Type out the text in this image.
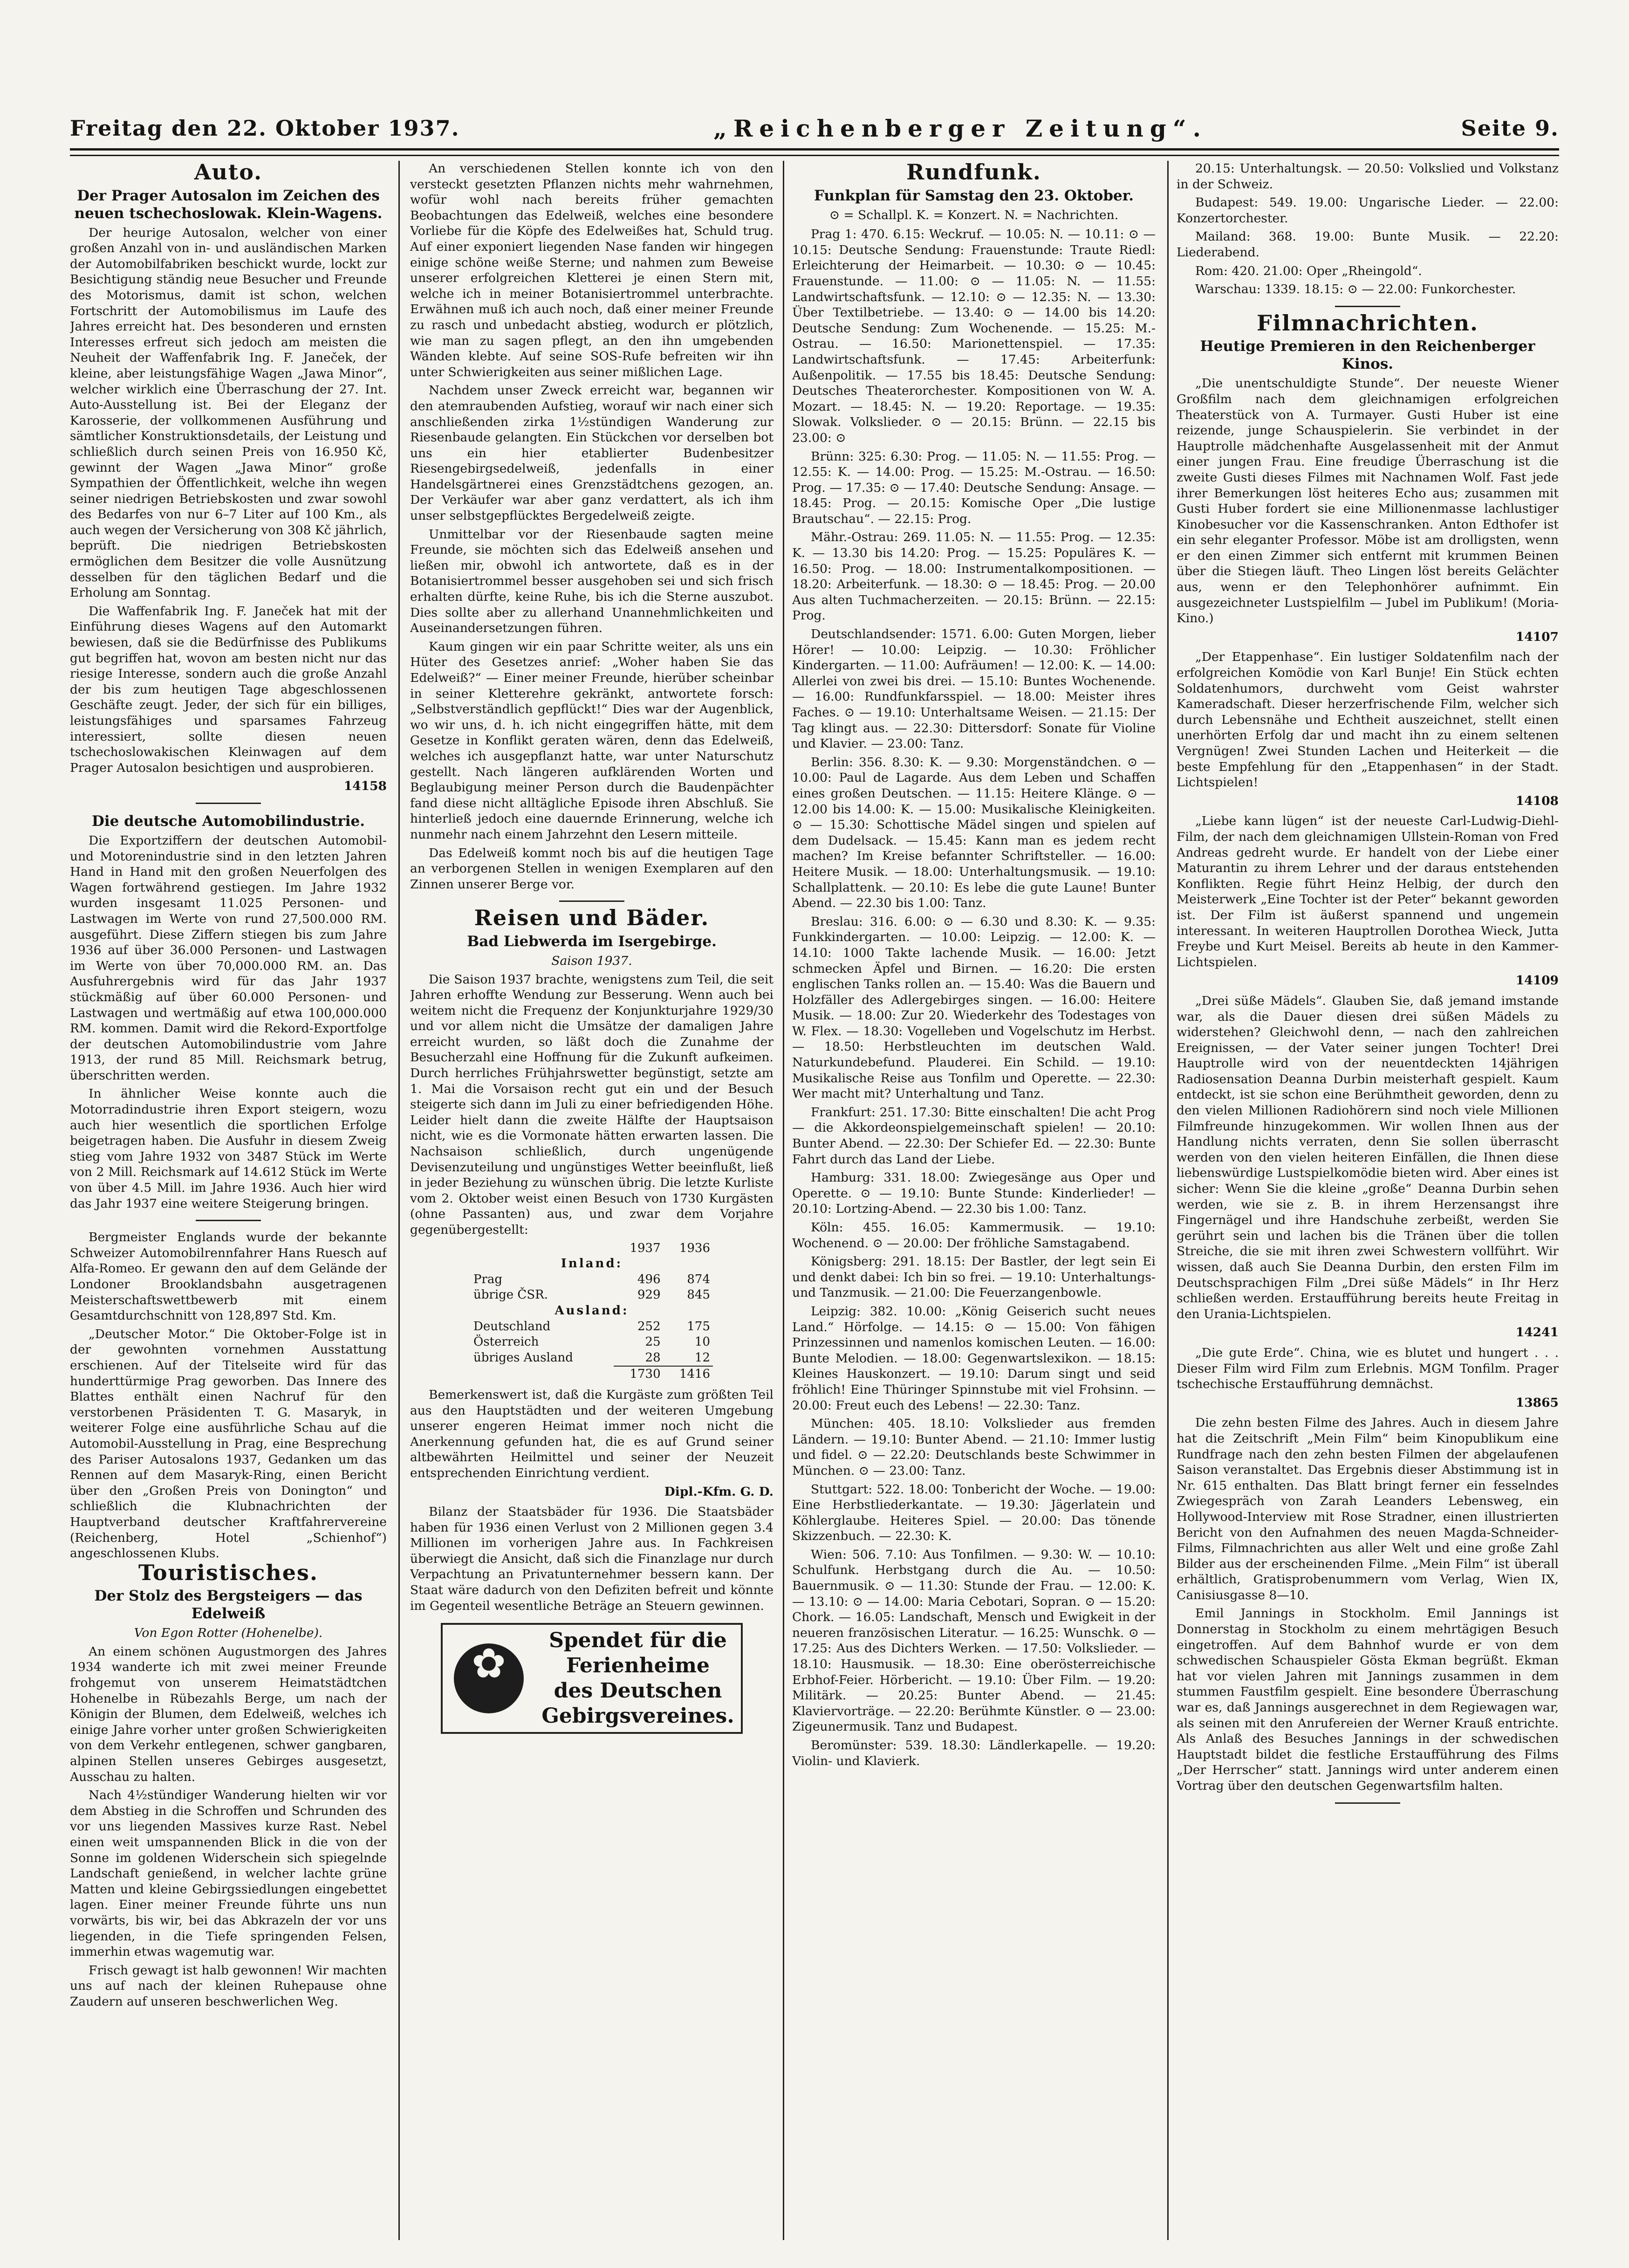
Freitag den 22. Oktober 1937.	„Reichenberger Zeitung“.	Seite 9.
Auto.
Der Prager Autosalon im Zeichen des neuen tschechoslowak. Klein-Wagens.

Der heurige Autosalon, welcher von einer großen Anzahl von in- und ausländischen Marken der Automobilfabriken beschickt wurde, lockt zur Besichtigung ständig neue Besucher und Freunde des Motorismus, damit ist schon, welchen Fortschritt der Automobilismus im Laufe des Jahres erreicht hat. Des besonderen und ernsten Interesses erfreut sich jedoch am meisten die Neuheit der Waffenfabrik Ing. F. Janeček, der kleine, aber leistungsfähige Wagen „Jawa Minor“, welcher wirklich eine Überraschung der 27. Int. Auto-Ausstellung ist. Bei der Eleganz der Karosserie, der vollkommenen Ausführung und sämtlicher Konstruktionsdetails, der Leistung und schließlich durch seinen Preis von 16.950 Kč, gewinnt der Wagen „Jawa Minor“ große Sympathien der Öffentlichkeit, welche ihn wegen seiner niedrigen Betriebskosten und zwar sowohl des Bedarfes von nur 6–7 Liter auf 100 Km., als auch wegen der Versicherung von 308 Kč jährlich, beprüft. Die niedrigen Betriebskosten ermöglichen dem Besitzer die volle Ausnützung desselben für den täglichen Bedarf und die Erholung am Sonntag.

Die Waffenfabrik Ing. F. Janeček hat mit der Einführung dieses Wagens auf den Automarkt bewiesen, daß sie die Bedürfnisse des Publikums gut begriffen hat, wovon am besten nicht nur das riesige Interesse, sondern auch die große Anzahl der bis zum heutigen Tage abgeschlossenen Geschäfte zeugt. Jeder, der sich für ein billiges, leistungsfähiges und sparsames Fahrzeug interessiert, sollte diesen neuen tschechoslowakischen Kleinwagen auf dem Prager Autosalon besichtigen und ausprobieren.

14158
Die deutsche Automobilindustrie.

Die Exportziffern der deutschen Automobil- und Motorenindustrie sind in den letzten Jahren Hand in Hand mit den großen Neuerfolgen des Wagen fortwährend gestiegen. Im Jahre 1932 wurden insgesamt 11.025 Personen- und Lastwagen im Werte von rund 27,500.000 RM. ausgeführt. Diese Ziffern stiegen bis zum Jahre 1936 auf über 36.000 Personen- und Lastwagen im Werte von über 70,000.000 RM. an. Das Ausfuhrergebnis wird für das Jahr 1937 stückmäßig auf über 60.000 Personen- und Lastwagen und wertmäßig auf etwa 100,000.000 RM. kommen. Damit wird die Rekord-Exportfolge der deutschen Automobilindustrie vom Jahre 1913, der rund 85 Mill. Reichsmark betrug, überschritten werden.

In ähnlicher Weise konnte auch die Motorradindustrie ihren Export steigern, wozu auch hier wesentlich die sportlichen Erfolge beigetragen haben. Die Ausfuhr in diesem Zweig stieg vom Jahre 1932 von 3487 Stück im Werte von 2 Mill. Reichsmark auf 14.612 Stück im Werte von über 4.5 Mill. im Jahre 1936. Auch hier wird das Jahr 1937 eine weitere Steigerung bringen.

Bergmeister Englands wurde der bekannte Schweizer Automobilrennfahrer Hans Ruesch auf Alfa-Romeo. Er gewann den auf dem Gelände der Londoner Brooklandsbahn ausgetragenen Meisterschaftswettbewerb mit einem Gesamtdurchschnitt von 128,897 Std. Km.

„Deutscher Motor.“ Die Oktober-Folge ist in der gewohnten vornehmen Ausstattung erschienen. Auf der Titelseite wird für das hunderttürmige Prag geworben. Das Innere des Blattes enthält einen Nachruf für den verstorbenen Präsidenten T. G. Masaryk, in weiterer Folge eine ausführliche Schau auf die Automobil-Ausstellung in Prag, eine Besprechung des Pariser Autosalons 1937, Gedanken um das Rennen auf dem Masaryk-Ring, einen Bericht über den „Großen Preis von Donington“ und schließlich die Klubnachrichten der Hauptverband deutscher Kraftfahrervereine (Reichenberg, Hotel „Schienhof“) angeschlossenen Klubs.

Touristisches.
Der Stolz des Bergsteigers — das Edelweiß
Von Egon Rotter (Hohenelbe).

An einem schönen Augustmorgen des Jahres 1934 wanderte ich mit zwei meiner Freunde frohgemut von unserem Heimatstädtchen Hohenelbe in Rübezahls Berge, um nach der Königin der Blumen, dem Edelweiß, welches ich einige Jahre vorher unter großen Schwierigkeiten von dem Verkehr entlegenen, schwer gangbaren, alpinen Stellen unseres Gebirges ausgesetzt, Ausschau zu halten.

Nach 4½stündiger Wanderung hielten wir vor dem Abstieg in die Schroffen und Schrunden des vor uns liegenden Massives kurze Rast. Nebel einen weit umspannenden Blick in die von der Sonne im goldenen Widerschein sich spiegelnde Landschaft genießend, in welcher lachte grüne Matten und kleine Gebirgssiedlungen eingebettet lagen. Einer meiner Freunde führte uns nun vorwärts, bis wir, bei das Abkrazeln der vor uns liegenden, in die Tiefe springenden Felsen, immerhin etwas wagemutig war.

Frisch gewagt ist halb gewonnen! Wir machten uns auf nach der kleinen Ruhepause ohne Zaudern auf unseren beschwerlichen Weg.

An verschiedenen Stellen konnte ich von den versteckt gesetzten Pflanzen nichts mehr wahrnehmen, wofür wohl nach bereits früher gemachten Beobachtungen das Edelweiß, welches eine besondere Vorliebe für die Köpfe des Edelweißes hat, Schuld trug. Auf einer exponiert liegenden Nase fanden wir hingegen einige schöne weiße Sterne; und nahmen zum Beweise unserer erfolgreichen Kletterei je einen Stern mit, welche ich in meiner Botanisiertrommel unterbrachte. Erwähnen muß ich auch noch, daß einer meiner Freunde zu rasch und unbedacht abstieg, wodurch er plötzlich, wie man zu sagen pflegt, an den ihn umgebenden Wänden klebte. Auf seine SOS-Rufe befreiten wir ihn unter Schwierigkeiten aus seiner mißlichen Lage.

Nachdem unser Zweck erreicht war, begannen wir den atemraubenden Aufstieg, worauf wir nach einer sich anschließenden zirka 1½stündigen Wanderung zur Riesenbaude gelangten. Ein Stückchen vor derselben bot uns ein hier etablierter Budenbesitzer Riesengebirgsedelweiß, jedenfalls in einer Handelsgärtnerei eines Grenzstädtchens gezogen, an. Der Verkäufer war aber ganz verdattert, als ich ihm unser selbstgepflücktes Bergedelweiß zeigte.

Unmittelbar vor der Riesenbaude sagten meine Freunde, sie möchten sich das Edelweiß ansehen und ließen mir, obwohl ich antwortete, daß es in der Botanisiertrommel besser ausgehoben sei und sich frisch erhalten dürfte, keine Ruhe, bis ich die Sterne auszubot. Dies sollte aber zu allerhand Unannehmlichkeiten und Auseinandersetzungen führen.

Kaum gingen wir ein paar Schritte weiter, als uns ein Hüter des Gesetzes anrief: „Woher haben Sie das Edelweiß?“ — Einer meiner Freunde, hierüber scheinbar in seiner Kletterehre gekränkt, antwortete forsch: „Selbstverständlich gepflückt!“ Dies war der Augenblick, wo wir uns, d. h. ich nicht eingegriffen hätte, mit dem Gesetze in Konflikt geraten wären, denn das Edelweiß, welches ich ausgepflanzt hatte, war unter Naturschutz gestellt. Nach längeren aufklärenden Worten und Beglaubigung meiner Person durch die Baudenpächter fand diese nicht alltägliche Episode ihren Abschluß. Sie hinterließ jedoch eine dauernde Erinnerung, welche ich nunmehr nach einem Jahrzehnt den Lesern mitteile.

Das Edelweiß kommt noch bis auf die heutigen Tage an verborgenen Stellen in wenigen Exemplaren auf den Zinnen unserer Berge vor.

Reisen und Bäder.
Bad Liebwerda im Isergebirge.
Saison 1937.

Die Saison 1937 brachte, wenigstens zum Teil, die seit Jahren erhoffte Wendung zur Besserung. Wenn auch bei weitem nicht die Frequenz der Konjunkturjahre 1929/30 und vor allem nicht die Umsätze der damaligen Jahre erreicht wurden, so läßt doch die Zunahme der Besucherzahl eine Hoffnung für die Zukunft aufkeimen. Durch herrliches Frühjahrswetter begünstigt, setzte am 1. Mai die Vorsaison recht gut ein und der Besuch steigerte sich dann im Juli zu einer befriedigenden Höhe. Leider hielt dann die zweite Hälfte der Hauptsaison nicht, wie es die Vormonate hätten erwarten lassen. Die Nachsaison schließlich, durch ungenügende Devisenzuteilung und ungünstiges Wetter beeinflußt, ließ in jeder Beziehung zu wünschen übrig. Die letzte Kurliste vom 2. Oktober weist einen Besuch von 1730 Kurgästen (ohne Passanten) aus, und zwar dem Vorjahre gegenübergestellt:

	1937	1936
Inland:		
Prag	496	874
übrige ČSR.	929	845
Ausland:		
Deutschland	252	175
Österreich	25	10
übriges Ausland	28	12
	1730	1416

Bemerkenswert ist, daß die Kurgäste zum größten Teil aus den Hauptstädten und der weiteren Umgebung unserer engeren Heimat immer noch nicht die Anerkennung gefunden hat, die es auf Grund seiner altbewährten Heilmittel und seiner der Neuzeit entsprechenden Einrichtung verdient.

Dipl.-Kfm. G. D.

Bilanz der Staatsbäder für 1936. Die Staatsbäder haben für 1936 einen Verlust von 2 Millionen gegen 3.4 Millionen im vorherigen Jahre aus. In Fachkreisen überwiegt die Ansicht, daß sich die Finanzlage nur durch Verpachtung an Privatunternehmer bessern kann. Der Staat wäre dadurch von den Defiziten befreit und könnte im Gegenteil wesentliche Beträge an Steuern gewinnen.

✿
Spendet für die
Ferienheime
des Deutschen
Gebirgsvereines.
Rundfunk.
Funkplan für Samstag den 23. Oktober.
⊙ = Schallpl. K. = Konzert. N. = Nachrichten.

Prag 1: 470. 6.15: Weckruf. — 10.05: N. — 10.11: ⊙ — 10.15: Deutsche Sendung: Frauenstunde: Traute Riedl: Erleichterung der Heimarbeit. — 10.30: ⊙ — 10.45: Frauenstunde. — 11.00: ⊙ — 11.05: N. — 11.55: Landwirtschaftsfunk. — 12.10: ⊙ — 12.35: N. — 13.30: Über Textilbetriebe. — 13.40: ⊙ — 14.00 bis 14.20: Deutsche Sendung: Zum Wochenende. — 15.25: M.-Ostrau. — 16.50: Marionettenspiel. — 17.35: Landwirtschaftsfunk. — 17.45: Arbeiterfunk: Außenpolitik. — 17.55 bis 18.45: Deutsche Sendung: Deutsches Theaterorchester. Kompositionen von W. A. Mozart. — 18.45: N. — 19.20: Reportage. — 19.35: Slowak. Volkslieder. ⊙ — 20.15: Brünn. — 22.15 bis 23.00: ⊙

Brünn: 325: 6.30: Prog. — 11.05: N. — 11.55: Prog. — 12.55: K. — 14.00: Prog. — 15.25: M.-Ostrau. — 16.50: Prog. — 17.35: ⊙ — 17.40: Deutsche Sendung: Ansage. — 18.45: Prog. — 20.15: Komische Oper „Die lustige Brautschau“. — 22.15: Prog.

Mähr.-Ostrau: 269. 11.05: N. — 11.55: Prog. — 12.35: K. — 13.30 bis 14.20: Prog. — 15.25: Populäres K. — 16.50: Prog. — 18.00: Instrumentalkompositionen. — 18.20: Arbeiterfunk. — 18.30: ⊙ — 18.45: Prog. — 20.00 Aus alten Tuchmacherzeiten. — 20.15: Brünn. — 22.15: Prog.

Deutschlandsender: 1571. 6.00: Guten Morgen, lieber Hörer! — 10.00: Leipzig. — 10.30: Fröhlicher Kindergarten. — 11.00: Aufräumen! — 12.00: K. — 14.00: Allerlei von zwei bis drei. — 15.10: Buntes Wochenende. — 16.00: Rundfunkfarsspiel. — 18.00: Meister ihres Faches. ⊙ — 19.10: Unterhaltsame Weisen. — 21.15: Der Tag klingt aus. — 22.30: Dittersdorf: Sonate für Violine und Klavier. — 23.00: Tanz.

Berlin: 356. 8.30: K. — 9.30: Morgenständchen. ⊙ — 10.00: Paul de Lagarde. Aus dem Leben und Schaffen eines großen Deutschen. — 11.15: Heitere Klänge. ⊙ — 12.00 bis 14.00: K. — 15.00: Musikalische Kleinigkeiten. ⊙ — 15.30: Schottische Mädel singen und spielen auf dem Dudelsack. — 15.45: Kann man es jedem recht machen? Im Kreise befannter Schriftsteller. — 16.00: Heitere Musik. — 18.00: Unterhaltungsmusik. — 19.10: Schallplattenk. — 20.10: Es lebe die gute Laune! Bunter Abend. — 22.30 bis 1.00: Tanz.

Breslau: 316. 6.00: ⊙ — 6.30 und 8.30: K. — 9.35: Funkkindergarten. — 10.00: Leipzig. — 12.00: K. — 14.10: 1000 Takte lachende Musik. — 16.00: Jetzt schmecken Äpfel und Birnen. — 16.20: Die ersten englischen Tanks rollen an. — 15.40: Was die Bauern und Holzfäller des Adlergebirges singen. — 16.00: Heitere Musik. — 18.00: Zur 20. Wiederkehr des Todestages von W. Flex. — 18.30: Vogelleben und Vogelschutz im Herbst. — 18.50: Herbstleuchten im deutschen Wald. Naturkundebefund. Plauderei. Ein Schild. — 19.10: Musikalische Reise aus Tonfilm und Operette. — 22.30: Wer macht mit? Unterhaltung und Tanz.

Frankfurt: 251. 17.30: Bitte einschalten! Die acht Prog — die Akkordeonspielgemeinschaft spielen! — 20.10: Bunter Abend. — 22.30: Der Schiefer Ed. — 22.30: Bunte Fahrt durch das Land der Liebe.

Hamburg: 331. 18.00: Zwiegesänge aus Oper und Operette. ⊙ — 19.10: Bunte Stunde: Kinderlieder! — 20.10: Lortzing-Abend. — 22.30 bis 1.00: Tanz.

Köln: 455. 16.05: Kammermusik. — 19.10: Wochenend. ⊙ — 20.00: Der fröhliche Samstagabend.

Königsberg: 291. 18.15: Der Bastler, der legt sein Ei und denkt dabei: Ich bin so frei. — 19.10: Unterhaltungs- und Tanzmusik. — 21.00: Die Feuerzangenbowle.

Leipzig: 382. 10.00: „König Geiserich sucht neues Land.“ Hörfolge. — 14.15: ⊙ — 15.00: Von fähigen Prinzessinnen und namenlos komischen Leuten. — 16.00: Bunte Melodien. — 18.00: Gegenwartslexikon. — 18.15: Kleines Hauskonzert. — 19.10: Darum singt und seid fröhlich! Eine Thüringer Spinnstube mit viel Frohsinn. — 20.00: Freut euch des Lebens! — 22.30: Tanz.

München: 405. 18.10: Volkslieder aus fremden Ländern. — 19.10: Bunter Abend. — 21.10: Immer lustig und fidel. ⊙ — 22.20: Deutschlands beste Schwimmer in München. ⊙ — 23.00: Tanz.

Stuttgart: 522. 18.00: Tonbericht der Woche. — 19.00: Eine Herbstliederkantate. — 19.30: Jägerlatein und Köhlerglaube. Heiteres Spiel. — 20.00: Das tönende Skizzenbuch. — 22.30: K.

Wien: 506. 7.10: Aus Tonfilmen. — 9.30: W. — 10.10: Schulfunk. Herbstgang durch die Au. — 10.50: Bauernmusik. ⊙ — 11.30: Stunde der Frau. — 12.00: K. — 13.10: ⊙ — 14.00: Maria Cebotari, Sopran. ⊙ — 15.20: Chork. — 16.05: Landschaft, Mensch und Ewigkeit in der neueren französischen Literatur. — 16.25: Wunschk. ⊙ — 17.25: Aus des Dichters Werken. — 17.50: Volkslieder. — 18.10: Hausmusik. — 18.30: Eine oberösterreichische Erbhof-Feier. Hörbericht. — 19.10: Über Film. — 19.20: Militärk. — 20.25: Bunter Abend. — 21.45: Klaviervorträge. — 22.20: Berühmte Künstler. ⊙ — 23.00: Zigeunermusik. Tanz und Budapest.

Beromünster: 539. 18.30: Ländlerkapelle. — 19.20: Violin- und Klavierk.

20.15: Unterhaltungsk. — 20.50: Volkslied und Volkstanz in der Schweiz.

Budapest: 549. 19.00: Ungarische Lieder. — 22.00: Konzertorchester.

Mailand: 368. 19.00: Bunte Musik. — 22.20: Liederabend.

Rom: 420. 21.00: Oper „Rheingold“.

Warschau: 1339. 18.15: ⊙ — 22.00: Funkorchester.

Filmnachrichten.
Heutige Premieren in den Reichenberger Kinos.

„Die unentschuldigte Stunde“. Der neueste Wiener Großfilm nach dem gleichnamigen erfolgreichen Theaterstück von A. Turmayer. Gusti Huber ist eine reizende, junge Schauspielerin. Sie verbindet in der Hauptrolle mädchenhafte Ausgelassenheit mit der Anmut einer jungen Frau. Eine freudige Überraschung ist die zweite Gusti dieses Filmes mit Nachnamen Wolf. Fast jede ihrer Bemerkungen löst heiteres Echo aus; zusammen mit Gusti Huber fordert sie eine Millionenmasse lachlustiger Kinobesucher vor die Kassenschranken. Anton Edthofer ist ein sehr eleganter Professor. Möbe ist am drolligsten, wenn er den einen Zimmer sich entfernt mit krummen Beinen über die Stiegen läuft. Theo Lingen löst bereits Gelächter aus, wenn er den Telephonhörer aufnimmt. Ein ausgezeichneter Lustspielfilm — Jubel im Publikum! (Moria-Kino.)

14107

„Der Etappenhase“. Ein lustiger Soldatenfilm nach der erfolgreichen Komödie von Karl Bunje! Ein Stück echten Soldatenhumors, durchweht vom Geist wahrster Kameradschaft. Dieser herzerfrischende Film, welcher sich durch Lebensnähe und Echtheit auszeichnet, stellt einen unerhörten Erfolg dar und macht ihn zu einem seltenen Vergnügen! Zwei Stunden Lachen und Heiterkeit — die beste Empfehlung für den „Etappenhasen“ in der Stadt. Lichtspielen!

14108

„Liebe kann lügen“ ist der neueste Carl-Ludwig-Diehl-Film, der nach dem gleichnamigen Ullstein-Roman von Fred Andreas gedreht wurde. Er handelt von der Liebe einer Maturantin zu ihrem Lehrer und der daraus entstehenden Konflikten. Regie führt Heinz Helbig, der durch den Meisterwerk „Eine Tochter ist der Peter“ bekannt geworden ist. Der Film ist äußerst spannend und ungemein interessant. In weiteren Hauptrollen Dorothea Wieck, Jutta Freybe und Kurt Meisel. Bereits ab heute in den Kammer-Lichtspielen.

14109

„Drei süße Mädels“. Glauben Sie, daß jemand imstande war, als die Dauer diesen drei süßen Mädels zu widerstehen? Gleichwohl denn, — nach den zahlreichen Ereignissen, — der Vater seiner jungen Tochter! Drei Hauptrolle wird von der neuentdeckten 14jährigen Radiosensation Deanna Durbin meisterhaft gespielt. Kaum entdeckt, ist sie schon eine Berühmtheit geworden, denn zu den vielen Millionen Radiohörern sind noch viele Millionen Filmfreunde hinzugekommen. Wir wollen Ihnen aus der Handlung nichts verraten, denn Sie sollen überrascht werden von den vielen heiteren Einfällen, die Ihnen diese liebenswürdige Lustspielkomödie bieten wird. Aber eines ist sicher: Wenn Sie die kleine „große“ Deanna Durbin sehen werden, wie sie z. B. in ihrem Herzensangst ihre Fingernägel und ihre Handschuhe zerbeißt, werden Sie gerührt sein und lachen bis die Tränen über die tollen Streiche, die sie mit ihren zwei Schwestern vollführt. Wir wissen, daß auch Sie Deanna Durbin, den ersten Film im Deutschsprachigen Film „Drei süße Mädels“ in Ihr Herz schließen werden. Erstaufführung bereits heute Freitag in den Urania-Lichtspielen.

14241

„Die gute Erde“. China, wie es blutet und hungert . . . Dieser Film wird Film zum Erlebnis. MGM Tonfilm. Prager tschechische Erstaufführung demnächst.

13865

Die zehn besten Filme des Jahres. Auch in diesem Jahre hat die Zeitschrift „Mein Film“ beim Kinopublikum eine Rundfrage nach den zehn besten Filmen der abgelaufenen Saison veranstaltet. Das Ergebnis dieser Abstimmung ist in Nr. 615 enthalten. Das Blatt bringt ferner ein fesselndes Zwiegespräch von Zarah Leanders Lebensweg, ein Hollywood-Interview mit Rose Stradner, einen illustrierten Bericht von den Aufnahmen des neuen Magda-Schneider-Films, Filmnachrichten aus aller Welt und eine große Zahl Bilder aus der erscheinenden Filme. „Mein Film“ ist überall erhältlich, Gratisprobenummern vom Verlag, Wien IX, Canisiusgasse 8—10.

Emil Jannings in Stockholm. Emil Jannings ist Donnerstag in Stockholm zu einem mehrtägigen Besuch eingetroffen. Auf dem Bahnhof wurde er von dem schwedischen Schauspieler Gösta Ekman begrüßt. Ekman hat vor vielen Jahren mit Jannings zusammen in dem stummen Faustfilm gespielt. Eine besondere Überraschung war es, daß Jannings ausgerechnet in dem Regiewagen war, als seinen mit den Anrufereien der Werner Krauß entrichte. Als Anlaß des Besuches Jannings in der schwedischen Hauptstadt bildet die festliche Erstaufführung des Films „Der Herrscher“ statt. Jannings wird unter anderem einen Vortrag über den deutschen Gegenwartsfilm halten.
